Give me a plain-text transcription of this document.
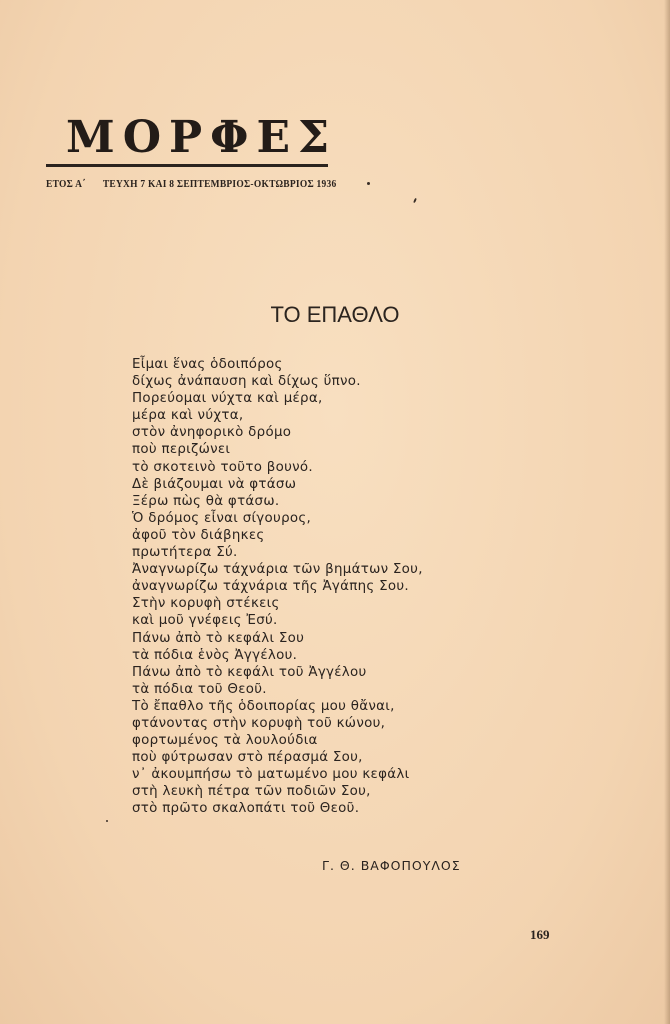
ΜΟΡΦΕΣ
ΕΤΟΣ Α΄ ΤΕΥΧΗ 7 ΚΑΙ 8 ΣΕΠΤΕΜΒΡΙΟΣ-ΟΚΤΩΒΡΙΟΣ 1936
ΤΟ ΕΠΑΘΛΟ
Εἶμαι ἕνας ὁδοιπόρος
δίχως ἀνάπαυση καὶ δίχως ὕπνο.
Πορεύομαι νύχτα καὶ μέρα,
μέρα καὶ νύχτα,
στὸν ἀνηφορικὸ δρόμο
ποὺ περιζώνει
τὸ σκοτεινὸ τοῦτο βουνό.
Δὲ βιάζουμαι νὰ φτάσω
Ξέρω πὼς θὰ φτάσω.
Ὁ δρόμος εἶναι σίγουρος,
ἀφοῦ τὸν διάβηκες
πρωτήτερα Σύ.
Ἀναγνωρίζω τάχνάρια τῶν βημάτων Σου,
ἀναγνωρίζω τάχνάρια τῆς Ἀγάπης Σου.
Στὴν κορυφὴ στέκεις
καὶ μοῦ γνέφεις Ἐσύ.
Πάνω ἀπὸ τὸ κεφάλι Σου
τὰ πόδια ἑνὸς Ἀγγέλου.
Πάνω ἀπὸ τὸ κεφάλι τοῦ Ἀγγέλου
τὰ πόδια τοῦ Θεοῦ.
Τὸ ἔπαθλο τῆς ὁδοιπορίας μου θἄναι,
φτάνοντας στὴν κορυφὴ τοῦ κώνου,
φορτωμένος τὰ λουλούδια
ποὺ φύτρωσαν στὸ πέρασμά Σου,
ν᾿ ἀκουμπήσω τὸ ματωμένο μου κεφάλι
στὴ λευκὴ πέτρα τῶν ποδιῶν Σου,
στὸ πρῶτο σκαλοπάτι τοῦ Θεοῦ.
Γ. Θ. ΒΑΦΟΠΟΥΛΟΣ
169
